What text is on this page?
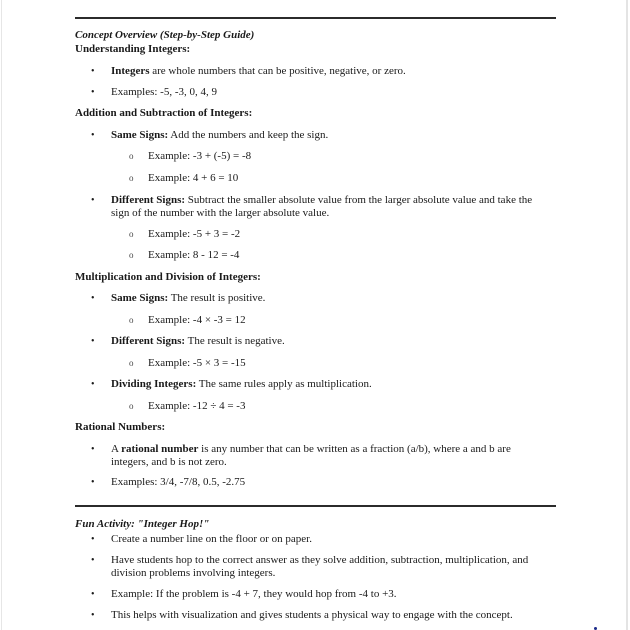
Concept Overview (Step-by-Step Guide)
Understanding Integers:
• Integers are whole numbers that can be positive, negative, or zero.
• Examples: -5, -3, 0, 4, 9
Addition and Subtraction of Integers:
• Same Signs: Add the numbers and keep the sign.
o Example: -3 + (-5) = -8
o Example: 4 + 6 = 10
• Different Signs: Subtract the smaller absolute value from the larger absolute value and take the sign of the number with the larger absolute value.
o Example: -5 + 3 = -2
o Example: 8 - 12 = -4
Multiplication and Division of Integers:
• Same Signs: The result is positive.
o Example: -4 × -3 = 12
• Different Signs: The result is negative.
o Example: -5 × 3 = -15
• Dividing Integers: The same rules apply as multiplication.
o Example: -12 ÷ 4 = -3
Rational Numbers:
• A rational number is any number that can be written as a fraction (a/b), where a and b are integers, and b is not zero.
• Examples: 3/4, -7/8, 0.5, -2.75
Fun Activity: "Integer Hop!"
• Create a number line on the floor or on paper.
• Have students hop to the correct answer as they solve addition, subtraction, multiplication, and division problems involving integers.
• Example: If the problem is -4 + 7, they would hop from -4 to +3.
• This helps with visualization and gives students a physical way to engage with the concept.
